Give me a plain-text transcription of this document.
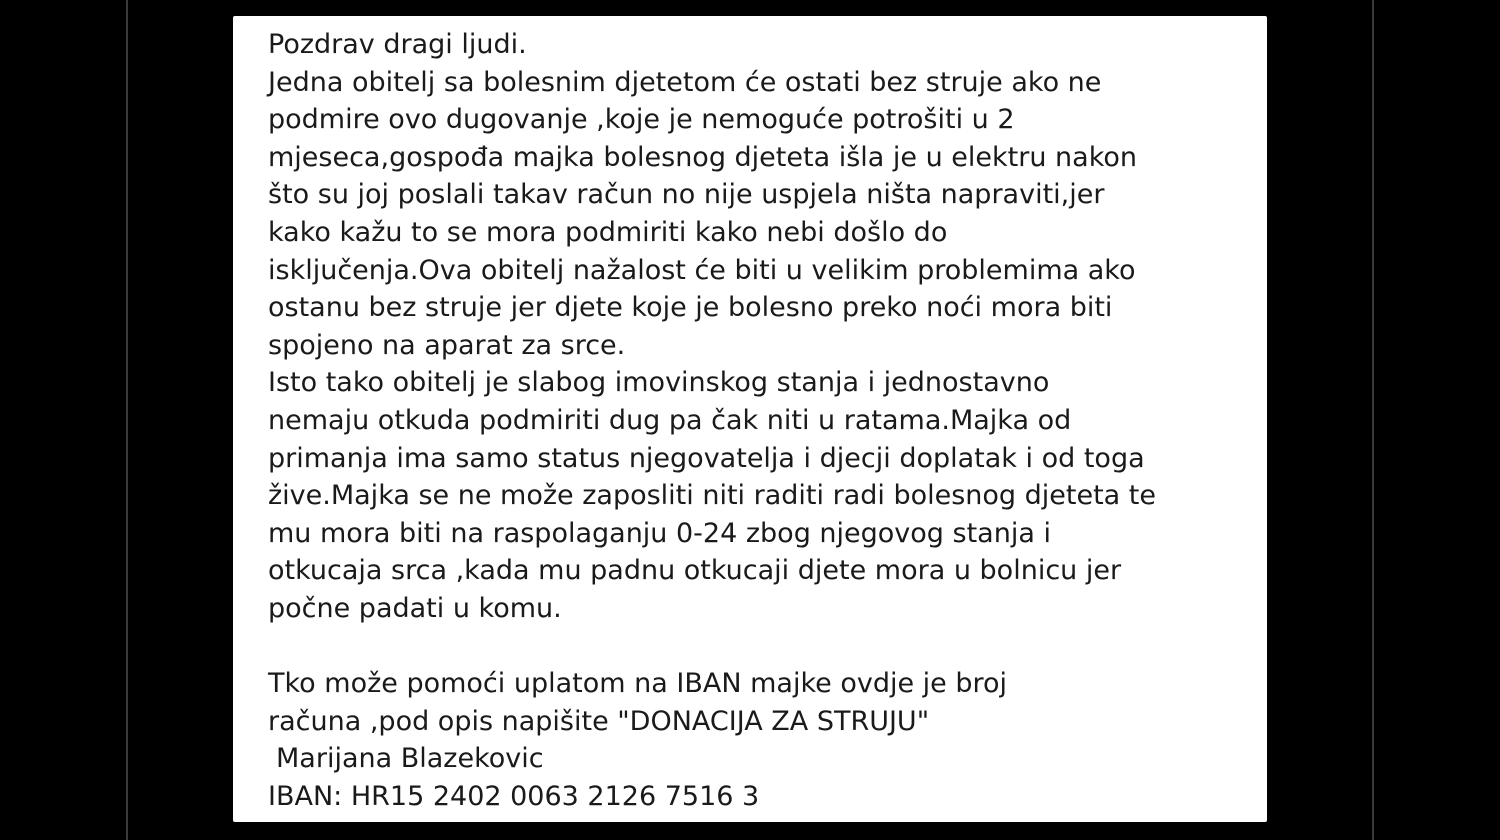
Pozdrav dragi ljudi.
Jedna obitelj sa bolesnim djetetom će ostati bez struje ako ne
podmire ovo dugovanje ,koje je nemoguće potrošiti u 2
mjeseca,gospođa majka bolesnog djeteta išla je u elektru nakon
što su joj poslali takav račun no nije uspjela ništa napraviti,jer
kako kažu to se mora podmiriti kako nebi došlo do
isključenja.Ova obitelj nažalost će biti u velikim problemima ako
ostanu bez struje jer djete koje je bolesno preko noći mora biti
spojeno na aparat za srce.
Isto tako obitelj je slabog imovinskog stanja i jednostavno
nemaju otkuda podmiriti dug pa čak niti u ratama.Majka od
primanja ima samo status njegovatelja i djecji doplatak i od toga
žive.Majka se ne može zaposliti niti raditi radi bolesnog djeteta te
mu mora biti na raspolaganju 0-24 zbog njegovog stanja i
otkucaja srca ,kada mu padnu otkucaji djete mora u bolnicu jer
počne padati u komu.
Tko može pomoći uplatom na IBAN majke ovdje je broj
računa ,pod opis napišite "DONACIJA ZA STRUJU"
Marijana Blazekovic
IBAN: HR15 2402 0063 2126 7516 3
